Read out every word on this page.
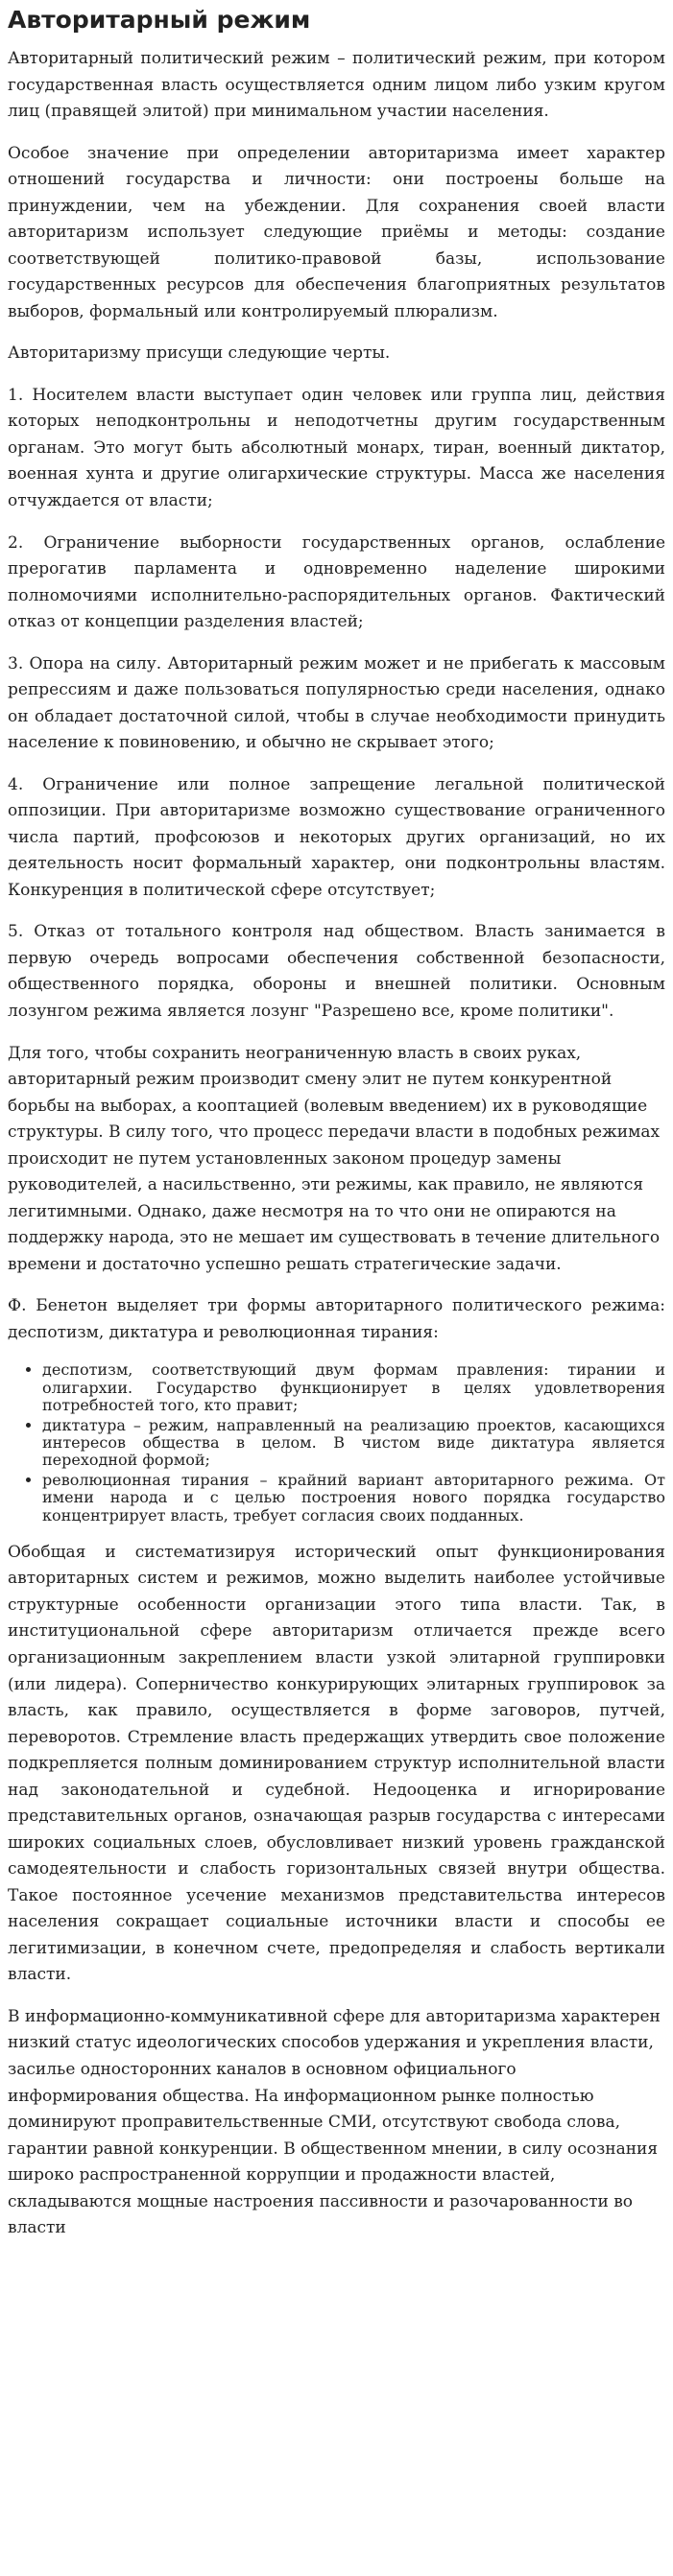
Авторитарный режим

Авторитарный политический режим – политический режим, при котором государственная власть осуществляется одним лицом либо узким кругом лиц (правящей элитой) при минимальном участии населения.

Особое значение при определении авторитаризма имеет характер отношений государства и личности: они построены больше на принуждении, чем на убеждении. Для сохранения своей власти авторитаризм использует следующие приёмы и методы: создание соответствующей политико-правовой базы, использование государственных ресурсов для обеспечения благоприятных результатов выборов, формальный или контролируемый плюрализм.

Авторитаризму присущи следующие черты.

1. Носителем власти выступает один человек или группа лиц, действия которых неподконтрольны и неподотчетны другим государственным органам. Это могут быть абсолютный монарх, тиран, военный диктатор, военная хунта и другие олигархические структуры. Масса же населения отчуждается от власти;

2. Ограничение выборности государственных органов, ослабление прерогатив парламента и одновременно наделение широкими полномочиями исполнительно-распорядительных органов. Фактический отказ от концепции разделения властей;

3. Опора на силу. Авторитарный режим может и не прибегать к массовым репрессиям и даже пользоваться популярностью среди населения, однако он обладает достаточной силой, чтобы в случае необходимости принудить население к повиновению, и обычно не скрывает этого;

4. Ограничение или полное запрещение легальной политической оппозиции. При авторитаризме возможно существование ограниченного числа партий, профсоюзов и некоторых других организаций, но их деятельность носит формальный характер, они подконтрольны властям. Конкуренция в политической сфере отсутствует;

5. Отказ от тотального контроля над обществом. Власть занимается в первую очередь вопросами обеспечения собственной безопасности, общественного порядка, обороны и внешней политики. Основным лозунгом режима является лозунг "Разрешено все, кроме политики".

Для того, чтобы сохранить неограниченную власть в своих руках, авторитарный режим производит смену элит не путем конкурентной борьбы на выборах, а кооптацией (волевым введением) их в руководящие структуры. В силу того, что процесс передачи власти в подобных режимах происходит не путем установленных законом процедур замены руководителей, а насильственно, эти режимы, как правило, не являются легитимными. Однако, даже несмотря на то что они не опираются на поддержку народа, это не мешает им существовать в течение длительного времени и достаточно успешно решать стратегические задачи.

Ф. Бенетон выделяет три формы авторитарного политического режима: деспотизм, диктатура и революционная тирания:

• деспотизм, соответствующий двум формам правления: тирании и олигархии. Государство функционирует в целях удовлетворения потребностей того, кто правит;
• диктатура – режим, направленный на реализацию проектов, касающихся интересов общества в целом. В чистом виде диктатура является переходной формой;
• революционная тирания – крайний вариант авторитарного режима. От имени народа и с целью построения нового порядка государство концентрирует власть, требует согласия своих подданных.

Обобщая и систематизируя исторический опыт функционирования авторитарных систем и режимов, можно выделить наиболее устойчивые структурные особенности организации этого типа власти. Так, в институциональной сфере авторитаризм отличается прежде всего организационным закреплением власти узкой элитарной группировки (или лидера). Соперничество конкурирующих элитарных группировок за власть, как правило, осуществляется в форме заговоров, путчей, переворотов. Стремление власть предержащих утвердить свое положение подкрепляется полным доминированием структур исполнительной власти над законодательной и судебной. Недооценка и игнорирование представительных органов, означающая разрыв государства с интересами широких социальных слоев, обусловливает низкий уровень гражданской самодеятельности и слабость горизонтальных связей внутри общества. Такое постоянное усечение механизмов представительства интересов населения сокращает социальные источники власти и способы ее легитимизации, в конечном счете, предопределяя и слабость вертикали власти.

В информационно-коммуникативной сфере для авторитаризма характерен низкий статус идеологических способов удержания и укрепления власти, засилье односторонних каналов в основном официального информирования общества. На информационном рынке полностью доминируют проправительственные СМИ, отсутствуют свобода слова, гарантии равной конкуренции. В общественном мнении, в силу осознания широко распространенной коррупции и продажности властей, складываются мощные настроения пассивности и разочарованности во власти
